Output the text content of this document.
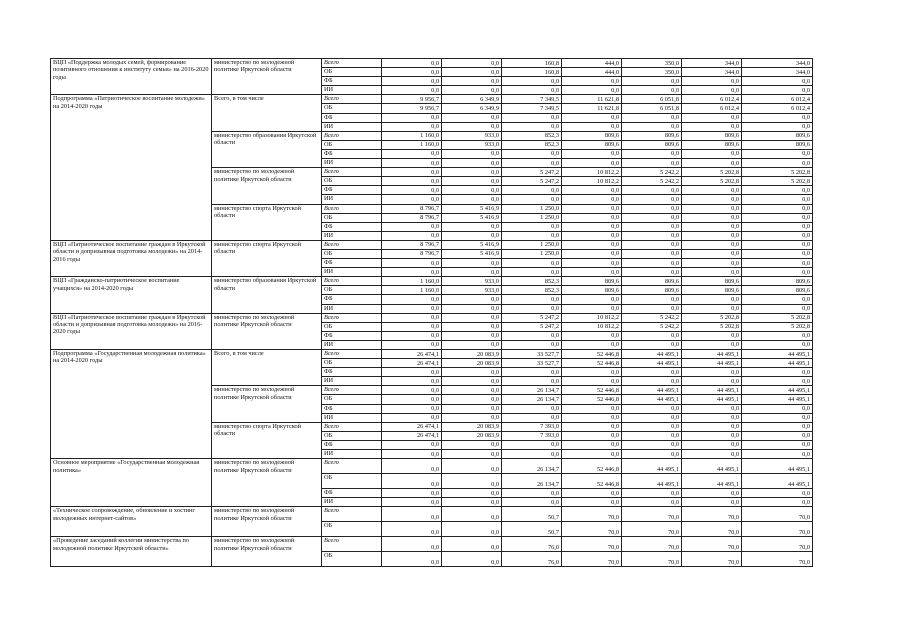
ВЦП «Поддержка молодых семей, формирование позитивного отношения к институту семьи» на 2016-2020 годы	министерство по молодежной политике Иркутской области	Всего	0,0	0,0	160,8	444,0	350,0	344,0	344,0
		ОБ	0,0	0,0	160,8	444,0	350,0	344,0	344,0
		ФБ	0,0	0,0	0,0	0,0	0,0	0,0	0,0
		ИИ	0,0	0,0	0,0	0,0	0,0	0,0	0,0
Подпрограмма «Патриотическое воспитание молодежи» на 2014-2020 годы	Всего, в том числе	Всего	9 956,7	6 349,9	7 349,5	11 621,8	6 051,8	6 012,4	6 012,4
		ОБ	9 956,7	6 349,9	7 349,5	11 621,8	6 051,8	6 012,4	6 012,4
		ФБ	0,0	0,0	0,0	0,0	0,0	0,0	0,0
		ИИ	0,0	0,0	0,0	0,0	0,0	0,0	0,0
	министерство образования Иркутской области	Всего	1 160,0	933,0	852,3	809,6	809,6	809,6	809,6
		ОБ	1 160,0	933,0	852,3	809,6	809,6	809,6	809,6
		ФБ	0,0	0,0	0,0	0,0	0,0	0,0	0,0
		ИИ	0,0	0,0	0,0	0,0	0,0	0,0	0,0
	министерство по молодежной политике Иркутской области	Всего	0,0	0,0	5 247,2	10 812,2	5 242,2	5 202,8	5 202,8
		ОБ	0,0	0,0	5 247,2	10 812,2	5 242,2	5 202,8	5 202,8
		ФБ	0,0	0,0	0,0	0,0	0,0	0,0	0,0
		ИИ	0,0	0,0	0,0	0,0	0,0	0,0	0,0
	министерство спорта Иркутской области	Всего	8 796,7	5 416,9	1 250,0	0,0	0,0	0,0	0,0
		ОБ	8 796,7	5 416,9	1 250,0	0,0	0,0	0,0	0,0
		ФБ	0,0	0,0	0,0	0,0	0,0	0,0	0,0
		ИИ	0,0	0,0	0,0	0,0	0,0	0,0	0,0
ВЦП «Патриотическое воспитание граждан в Иркутской области и допризывная подготовка молодежи» на 2014-2016 годы	министерство спорта Иркутской области	Всего	8 796,7	5 416,9	1 250,0	0,0	0,0	0,0	0,0
		ОБ	8 796,7	5 416,9	1 250,0	0,0	0,0	0,0	0,0
		ФБ	0,0	0,0	0,0	0,0	0,0	0,0	0,0
		ИИ	0,0	0,0	0,0	0,0	0,0	0,0	0,0
ВЦП «Гражданско-патриотическое воспитание учащихся» на 2014-2020 годы	министерство образования Иркутской области	Всего	1 160,0	933,0	852,3	809,6	809,6	809,6	809,6
		ОБ	1 160,0	933,0	852,3	809,6	809,6	809,6	809,6
		ФБ	0,0	0,0	0,0	0,0	0,0	0,0	0,0
		ИИ	0,0	0,0	0,0	0,0	0,0	0,0	0,0
ВЦП «Патриотическое воспитание граждан в Иркутской области и допризывная подготовка молодежи» на 2016-2020 годы	министерство по молодежной политике Иркутской области	Всего	0,0	0,0	5 247,2	10 812,2	5 242,2	5 202,8	5 202,8
		ОБ	0,0	0,0	5 247,2	10 812,2	5 242,2	5 202,8	5 202,8
		ФБ	0,0	0,0	0,0	0,0	0,0	0,0	0,0
		ИИ	0,0	0,0	0,0	0,0	0,0	0,0	0,0
Подпрограмма «Государственная молодежная политика» на 2014-2020 годы	Всего, в том числе	Всего	26 474,1	20 083,9	33 527,7	52 446,8	44 495,1	44 495,1	44 495,1
		ОБ	26 474,1	20 083,9	33 527,7	52 446,8	44 495,1	44 495,1	44 495,1
		ФБ	0,0	0,0	0,0	0,0	0,0	0,0	0,0
		ИИ	0,0	0,0	0,0	0,0	0,0	0,0	0,0
	министерство по молодежной политике Иркутской области	Всего	0,0	0,0	26 134,7	52 446,8	44 495,1	44 495,1	44 495,1
		ОБ	0,0	0,0	26 134,7	52 446,8	44 495,1	44 495,1	44 495,1
		ФБ	0,0	0,0	0,0	0,0	0,0	0,0	0,0
		ИИ	0,0	0,0	0,0	0,0	0,0	0,0	0,0
	министерство спорта Иркутской области	Всего	26 474,1	20 083,9	7 393,0	0,0	0,0	0,0	0,0
		ОБ	26 474,1	20 083,9	7 393,0	0,0	0,0	0,0	0,0
		ФБ	0,0	0,0	0,0	0,0	0,0	0,0	0,0
		ИИ	0,0	0,0	0,0	0,0	0,0	0,0	0,0
Основное мероприятие «Государственная молодежная политика»	министерство по молодежной политике Иркутской области	Всего	0,0	0,0	26 134,7	52 446,8	44 495,1	44 495,1	44 495,1
		ОБ	0,0	0,0	26 134,7	52 446,8	44 495,1	44 495,1	44 495,1
		ФБ	0,0	0,0	0,0	0,0	0,0	0,0	0,0
		ИИ	0,0	0,0	0,0	0,0	0,0	0,0	0,0
«Техническое сопровождение, обновление и хостинг молодежных интернет-сайтов»	министерство по молодежной политике Иркутской области	Всего	0,0	0,0	50,7	70,0	70,0	70,0	70,0
		ОБ	0,0	0,0	50,7	70,0	70,0	70,0	70,0
«Проведение заседаний коллегии министерства по молодежной политике Иркутской области»	министерство по молодежной политике Иркутской области	Всего	0,0	0,0	76,0	70,0	70,0	70,0	70,0
		ОБ	0,0	0,0	76,0	70,0	70,0	70,0	70,0
